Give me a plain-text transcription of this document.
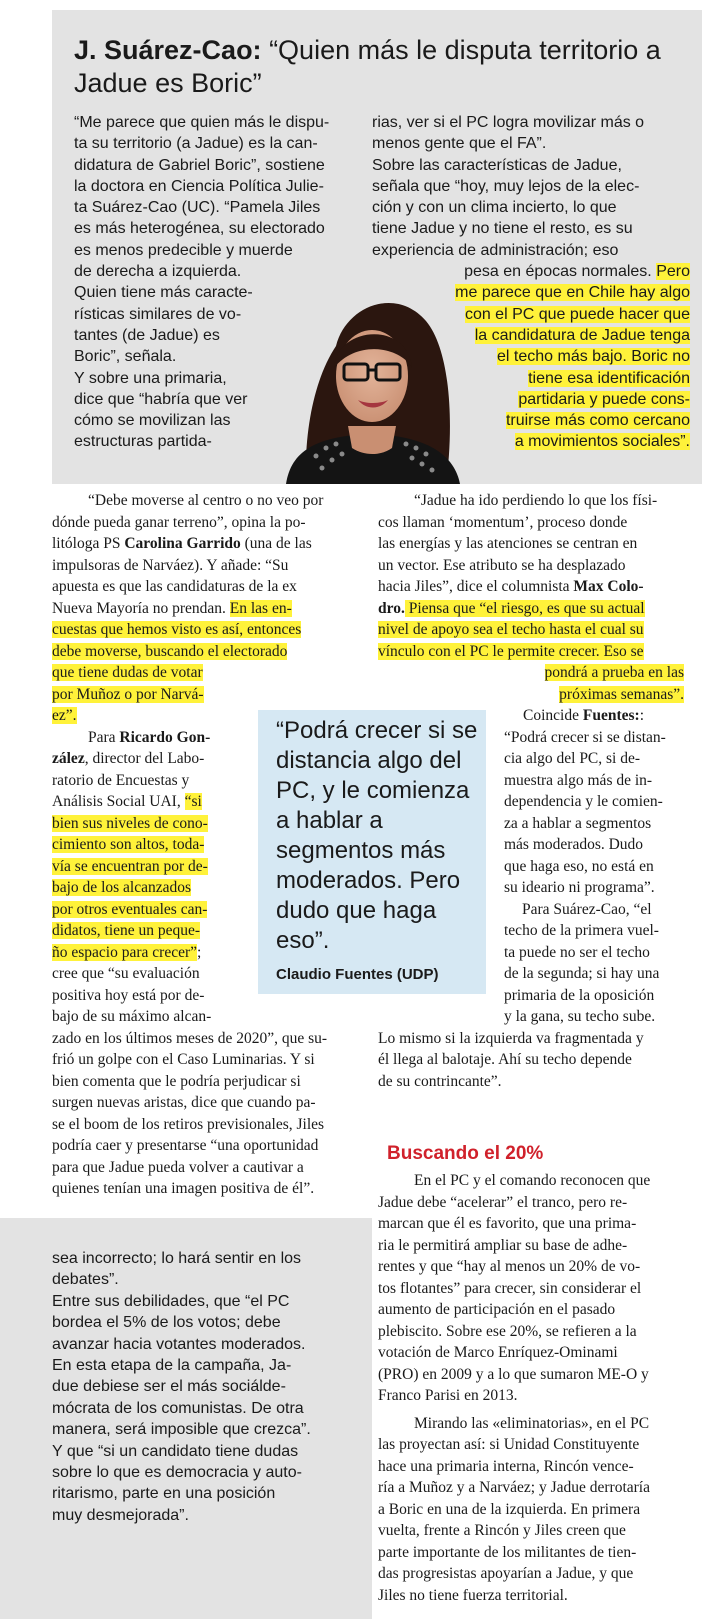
J. Suárez-Cao: “Quien más le disputa territorio a Jadue es Boric”

“Me parece que quien más le dispu-

ta su territorio (a Jadue) es la can-

didatura de Gabriel Boric”, sostiene

la doctora en Ciencia Política Julie-

ta Suárez-Cao (UC). “Pamela Jiles

es más heterogénea, su electorado

es menos predecible y muerde

de derecha a izquierda.

Quien tiene más caracte-

rísticas similares de vo-

tantes (de Jadue) es

Boric”, señala.

Y sobre una primaria,

dice que “habría que ver

cómo se movilizan las

estructuras partida-

rias, ver si el PC logra movilizar más o

menos gente que el FA”.

Sobre las características de Jadue,

señala que “hoy, muy lejos de la elec-

ción y con un clima incierto, lo que

tiene Jadue y no tiene el resto, es su

experiencia de administración; eso

pesa en épocas normales. Pero

me parece que en Chile hay algo

con el PC que puede hacer que

la candidatura de Jadue tenga

el techo más bajo. Boric no

tiene esa identificación

partidaria y puede cons-

truirse más como cercano

a movimientos sociales”.

“Debe moverse al centro o no veo por

dónde pueda ganar terreno”, opina la po-

litóloga PS Carolina Garrido (una de las

impulsoras de Narváez). Y añade: “Su

apuesta es que las candidaturas de la ex

Nueva Mayoría no prendan. En las en-

cuestas que hemos visto es así, entonces

debe moverse, buscando el electorado

que tiene dudas de votar

por Muñoz o por Narvá-

ez”.

Para Ricardo Gon-

zález, director del Labo-

ratorio de Encuestas y

Análisis Social UAI, “si

bien sus niveles de cono-

cimiento son altos, toda-

vía se encuentran por de-

bajo de los alcanzados

por otros eventuales can-

didatos, tiene un peque-

ño espacio para crecer”;

cree que “su evaluación

positiva hoy está por de-

bajo de su máximo alcan-

zado en los últimos meses de 2020”, que su-

frió un golpe con el Caso Luminarias. Y si

bien comenta que le podría perjudicar si

surgen nuevas aristas, dice que cuando pa-

se el boom de los retiros previsionales, Jiles

podría caer y presentarse “una oportunidad

para que Jadue pueda volver a cautivar a

quienes tenían una imagen positiva de él”.

“Jadue ha ido perdiendo lo que los físi-

cos llaman ‘momentum’, proceso donde

las energías y las atenciones se centran en

un vector. Ese atributo se ha desplazado

hacia Jiles”, dice el columnista Max Colo-

dro. Piensa que “el riesgo, es que su actual

nivel de apoyo sea el techo hasta el cual su

vínculo con el PC le permite crecer. Eso se

pondrá a prueba en las

próximas semanas”.

Coincide Fuentes::

“Podrá crecer si se distan-

cia algo del PC, si de-

muestra algo más de in-

dependencia y le comien-

za a hablar a segmentos

más moderados. Dudo

que haga eso, no está en

su ideario ni programa”.

Para Suárez-Cao, “el

techo de la primera vuel-

ta puede no ser el techo

de la segunda; si hay una

primaria de la oposición

y la gana, su techo sube.

Lo mismo si la izquierda va fragmentada y

él llega al balotaje. Ahí su techo depende

de su contrincante”.

Buscando el 20%

En el PC y el comando reconocen que

Jadue debe “acelerar” el tranco, pero re-

marcan que él es favorito, que una prima-

ria le permitirá ampliar su base de adhe-

rentes y que “hay al menos un 20% de vo-

tos flotantes” para crecer, sin considerar el

aumento de participación en el pasado

plebiscito. Sobre ese 20%, se refieren a la

votación de Marco Enríquez-Ominami

(PRO) en 2009 y a lo que sumaron ME-O y

Franco Parisi en 2013.

Mirando las «eliminatorias», en el PC

las proyectan así: si Unidad Constituyente

hace una primaria interna, Rincón vence-

ría a Muñoz y a Narváez; y Jadue derrotaría

a Boric en una de la izquierda. En primera

vuelta, frente a Rincón y Jiles creen que

parte importante de los militantes de tien-

das progresistas apoyarían a Jadue, y que

Jiles no tiene fuerza territorial.

“Podrá crecer si se distancia algo del PC, y le comienza a hablar a segmentos más moderados. Pero dudo que haga eso”.
Claudio Fuentes (UDP)

sea incorrecto; lo hará sentir en los

debates”.

Entre sus debilidades, que “el PC

bordea el 5% de los votos; debe

avanzar hacia votantes moderados.

En esta etapa de la campaña, Ja-

due debiese ser el más sociálde-

mócrata de los comunistas. De otra

manera, será imposible que crezca”.

Y que “si un candidato tiene dudas

sobre lo que es democracia y auto-

ritarismo, parte en una posición

muy desmejorada”.
